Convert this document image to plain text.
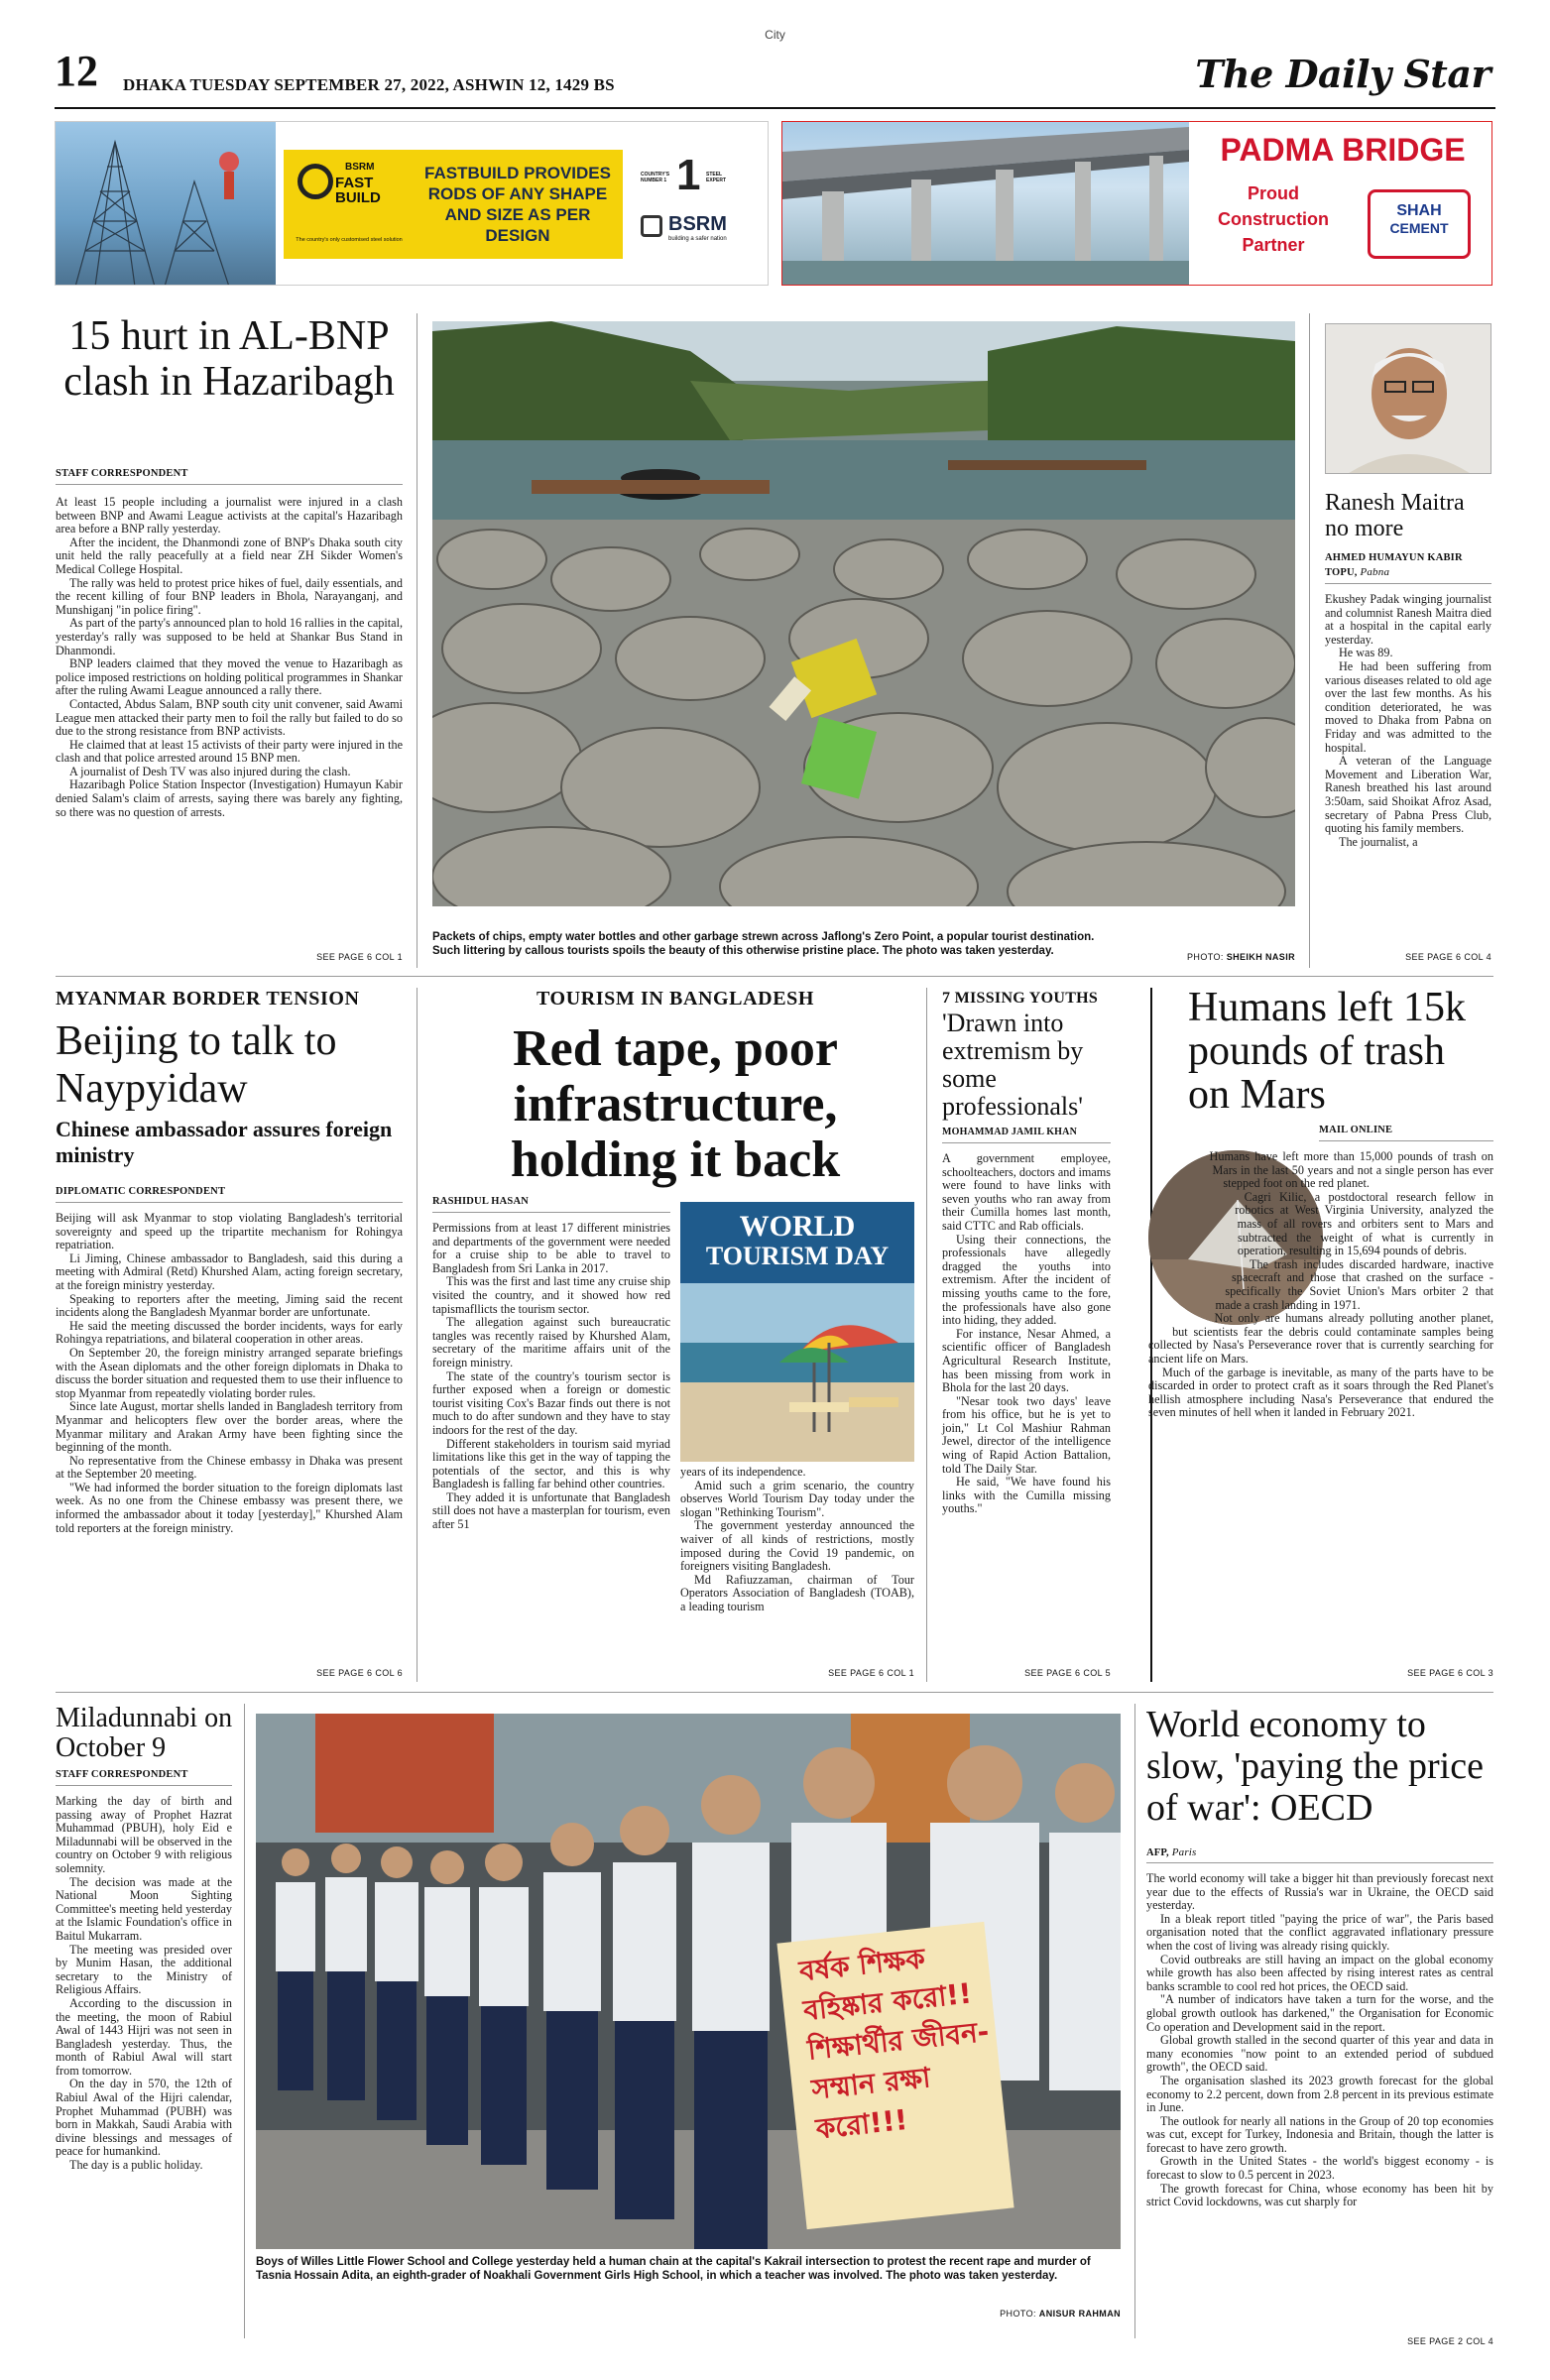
City
12 DHAKA TUESDAY SEPTEMBER 27, 2022, ASHWIN 12, 1429 BS	The Daily Star
BSRM
FAST BUILD
The country's only customised steel solution
FASTBUILD PROVIDES RODS OF ANY SHAPE AND SIZE AS PER DESIGN
COUNTRY'S NUMBER 1 1 STEEL EXPERT
BSRM
building a safer nation
PADMA BRIDGE
Proud
Construction
Partner
SHAH
CEMENT
15 hurt in AL-BNP clash in Hazaribagh
STAFF CORRESPONDENT

At least 15 people including a journalist were injured in a clash between BNP and Awami League activists at the capital's Hazaribagh area before a BNP rally yesterday.

After the incident, the Dhanmondi zone of BNP's Dhaka south city unit held the rally peacefully at a field near ZH Sikder Women's Medical College Hospital.

The rally was held to protest price hikes of fuel, daily essentials, and the recent killing of four BNP leaders in Bhola, Narayanganj, and Munshiganj "in police firing".

As part of the party's announced plan to hold 16 rallies in the capital, yesterday's rally was supposed to be held at Shankar Bus Stand in Dhanmondi.

BNP leaders claimed that they moved the venue to Hazaribagh as police imposed restrictions on holding political programmes in Shankar after the ruling Awami League announced a rally there.

Contacted, Abdus Salam, BNP south city unit convener, said Awami League men attacked their party men to foil the rally but failed to do so due to the strong resistance from BNP activists.

He claimed that at least 15 activists of their party were injured in the clash and that police arrested around 15 BNP men.

A journalist of Desh TV was also injured during the clash.

Hazaribagh Police Station Inspector (Investigation) Humayun Kabir denied Salam's claim of arrests, saying there was barely any fighting, so there was no question of arrests.

SEE PAGE 6 COL 1
Packets of chips, empty water bottles and other garbage strewn across Jaflong's Zero Point, a popular tourist destination. Such littering by callous tourists spoils the beauty of this otherwise pristine place. The photo was taken yesterday.	PHOTO: SHEIKH NASIR
Ranesh Maitra no more
AHMED HUMAYUN KABIR TOPU, Pabna

Ekushey Padak winging journalist and columnist Ranesh Maitra died at a hospital in the capital early yesterday.

He was 89.

He had been suffering from various diseases related to old age over the last few months. As his condition deteriorated, he was moved to Dhaka from Pabna on Friday and was admitted to the hospital.

A veteran of the Language Movement and Liberation War, Ranesh breathed his last around 3:50am, said Shoikat Afroz Asad, secretary of Pabna Press Club, quoting his family members.

The journalist, a

SEE PAGE 6 COL 4
MYANMAR BORDER TENSION
Beijing to talk to Naypyidaw
Chinese ambassador assures foreign ministry
DIPLOMATIC CORRESPONDENT

Beijing will ask Myanmar to stop violating Bangladesh's territorial sovereignty and speed up the tripartite mechanism for Rohingya repatriation.

Li Jiming, Chinese ambassador to Bangladesh, said this during a meeting with Admiral (Retd) Khurshed Alam, acting foreign secretary, at the foreign ministry yesterday.

Speaking to reporters after the meeting, Jiming said the recent incidents along the Bangladesh Myanmar border are unfortunate.

He said the meeting discussed the border incidents, ways for early Rohingya repatriations, and bilateral cooperation in other areas.

On September 20, the foreign ministry arranged separate briefings with the Asean diplomats and the other foreign diplomats in Dhaka to discuss the border situation and requested them to use their influence to stop Myanmar from repeatedly violating border rules.

Since late August, mortar shells landed in Bangladesh territory from Myanmar and helicopters flew over the border areas, where the Myanmar military and Arakan Army have been fighting since the beginning of the month.

No representative from the Chinese embassy in Dhaka was present at the September 20 meeting.

"We had informed the border situation to the foreign diplomats last week. As no one from the Chinese embassy was present there, we informed the ambassador about it today [yesterday]," Khurshed Alam told reporters at the foreign ministry.

SEE PAGE 6 COL 6
TOURISM IN BANGLADESH
Red tape, poor infrastructure, holding it back
RASHIDUL HASAN

Permissions from at least 17 different ministries and departments of the government were needed for a cruise ship to be able to travel to Bangladesh from Sri Lanka in 2017.

This was the first and last time any cruise ship visited the country, and it showed how red tapismafllicts the tourism sector.

The allegation against such bureaucratic tangles was recently raised by Khurshed Alam, secretary of the maritime affairs unit of the foreign ministry.

The state of the country's tourism sector is further exposed when a foreign or domestic tourist visiting Cox's Bazar finds out there is not much to do after sundown and they have to stay indoors for the rest of the day.

Different stakeholders in tourism said myriad limitations like this get in the way of tapping the potentials of the sector, and this is why Bangladesh is falling far behind other countries.

They added it is unfortunate that Bangladesh still does not have a masterplan for tourism, even after 51

WORLD
TOURISM DAY

years of its independence.

Amid such a grim scenario, the country observes World Tourism Day today under the slogan "Rethinking Tourism".

The government yesterday announced the waiver of all kinds of restrictions, mostly imposed during the Covid 19 pandemic, on foreigners visiting Bangladesh.

Md Rafiuzzaman, chairman of Tour Operators Association of Bangladesh (TOAB), a leading tourism

SEE PAGE 6 COL 1
7 MISSING YOUTHS
'Drawn into extremism by some professionals'
MOHAMMAD JAMIL KHAN

A government employee, schoolteachers, doctors and imams were found to have links with seven youths who ran away from their Cumilla homes last month, said CTTC and Rab officials.

Using their connections, the professionals have allegedly dragged the youths into extremism. After the incident of missing youths came to the fore, the professionals have also gone into hiding, they added.

For instance, Nesar Ahmed, a scientific officer of Bangladesh Agricultural Research Institute, has been missing from work in Bhola for the last 20 days.

"Nesar took two days' leave from his office, but he is yet to join," Lt Col Mashiur Rahman Jewel, director of the intelligence wing of Rapid Action Battalion, told The Daily Star.

He said, "We have found his links with the Cumilla missing youths."

SEE PAGE 6 COL 5
Humans left 15k pounds of trash on Mars
MAIL ONLINE

Humans have left more than 15,000 pounds of trash on Mars in the last 50 years and not a single person has ever stepped foot on the red planet.

Cagri Kilic, a postdoctoral research fellow in robotics at West Virginia University, analyzed the mass of all rovers and orbiters sent to Mars and subtracted the weight of what is currently in operation, resulting in 15,694 pounds of debris.

The trash includes discarded hardware, inactive spacecraft and those that crashed on the surface - specifically the Soviet Union's Mars orbiter 2 that made a crash landing in 1971.

Not only are humans already polluting another planet, but scientists fear the debris could contaminate samples being collected by Nasa's Perseverance rover that is currently searching for ancient life on Mars.

Much of the garbage is inevitable, as many of the parts have to be discarded in order to protect craft as it soars through the Red Planet's hellish atmosphere including Nasa's Perseverance that endured the seven minutes of hell when it landed in February 2021.

SEE PAGE 6 COL 3
Miladunnabi on October 9
STAFF CORRESPONDENT

Marking the day of birth and passing away of Prophet Hazrat Muhammad (PBUH), holy Eid e Miladunnabi will be observed in the country on October 9 with religious solemnity.

The decision was made at the National Moon Sighting Committee's meeting held yesterday at the Islamic Foundation's office in Baitul Mukarram.

The meeting was presided over by Munim Hasan, the additional secretary to the Ministry of Religious Affairs.

According to the discussion in the meeting, the moon of Rabiul Awal of 1443 Hijri was not seen in Bangladesh yesterday. Thus, the month of Rabiul Awal will start from tomorrow.

On the day in 570, the 12th of Rabiul Awal of the Hijri calendar, Prophet Muhammad (PUBH) was born in Makkah, Saudi Arabia with divine blessings and messages of peace for humankind.

The day is a public holiday.

বর্ষক শিক্ষক বহিষ্কার করো!! শিক্ষার্থীর জীবন-সম্মান রক্ষা করো!!!
Boys of Willes Little Flower School and College yesterday held a human chain at the capital's Kakrail intersection to protest the recent rape and murder of Tasnia Hossain Adita, an eighth-grader of Noakhali Government Girls High School, in which a teacher was involved. The photo was taken yesterday.
PHOTO: ANISUR RAHMAN
World economy to slow, 'paying the price of war': OECD
AFP, Paris

The world economy will take a bigger hit than previously forecast next year due to the effects of Russia's war in Ukraine, the OECD said yesterday.

In a bleak report titled "paying the price of war", the Paris based organisation noted that the conflict aggravated inflationary pressure when the cost of living was already rising quickly.

Covid outbreaks are still having an impact on the global economy while growth has also been affected by rising interest rates as central banks scramble to cool red hot prices, the OECD said.

"A number of indicators have taken a turn for the worse, and the global growth outlook has darkened," the Organisation for Economic Co operation and Development said in the report.

Global growth stalled in the second quarter of this year and data in many economies "now point to an extended period of subdued growth", the OECD said.

The organisation slashed its 2023 growth forecast for the global economy to 2.2 percent, down from 2.8 percent in its previous estimate in June.

The outlook for nearly all nations in the Group of 20 top economies was cut, except for Turkey, Indonesia and Britain, though the latter is forecast to have zero growth.

Growth in the United States - the world's biggest economy - is forecast to slow to 0.5 percent in 2023.

The growth forecast for China, whose economy has been hit by strict Covid lockdowns, was cut sharply for

SEE PAGE 2 COL 4
